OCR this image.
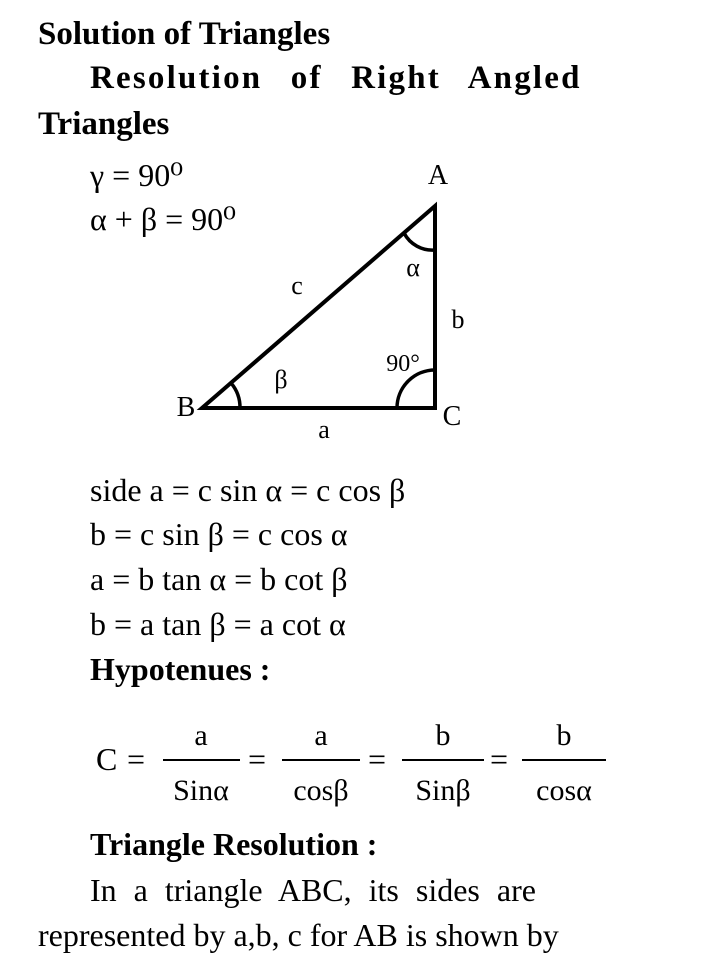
Solution of Triangles
Resolution of Right Angled
Triangles
γ = 90⁰
α + β = 90⁰
A
B	C
a
b
c
α
β
90°
side a = c sin α = c cos β
b = c sin β = c cos α
a = b tan α = b cot β
b = a tan β = a cot α
Hypotenues :
C =
a
Sinα
=
a
cosβ
=
b
Sinβ
=
b
cosα
Triangle Resolution :
In a triangle ABC, its sides are
represented by a,b, c for AB is shown by
